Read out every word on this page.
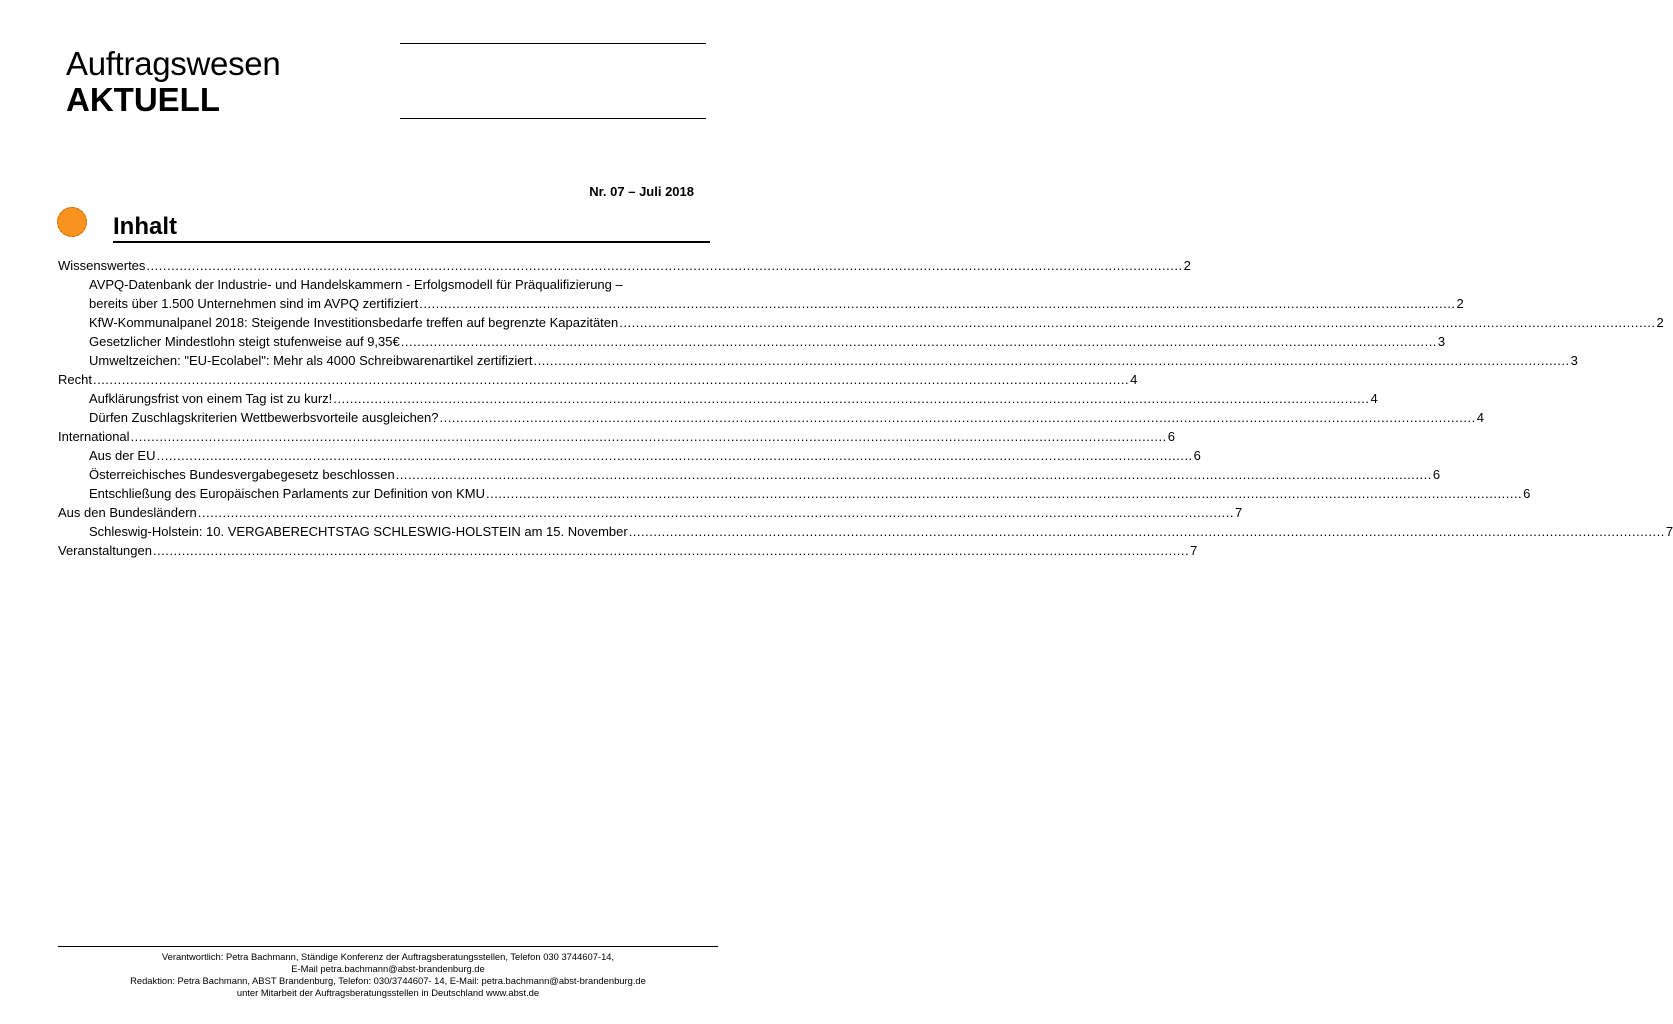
Auftragswesen
AKTUELL
Nr. 07 – Juli 2018
Inhalt
Wissenswertes .....	2
AVPQ-Datenbank der Industrie- und Handelskammern - Erfolgsmodell für Präqualifizierung –
bereits über 1.500 Unternehmen sind im AVPQ zertifiziert .....	2
KfW-Kommunalpanel 2018: Steigende Investitionsbedarfe treffen auf begrenzte Kapazitäten .....	2
Gesetzlicher Mindestlohn steigt stufenweise auf 9,35€ .....	3
Umweltzeichen: "EU-Ecolabel": Mehr als 4000 Schreibwarenartikel zertifiziert .....	3
Recht .....	4
Aufklärungsfrist von einem Tag ist zu kurz! .....	4
Dürfen Zuschlagskriterien Wettbewerbsvorteile ausgleichen? .....	4
International .....	6
Aus der EU .....	6
Österreichisches Bundesvergabegesetz beschlossen .....	6
Entschließung des Europäischen Parlaments zur Definition von KMU .....	6
Aus den Bundesländern .....	7
Schleswig-Holstein: 10. VERGABERECHTSTAG SCHLESWIG-HOLSTEIN am 15. November .....	7
Veranstaltungen .....	7
Verantwortlich: Petra Bachmann, Ständige Konferenz der Auftragsberatungsstellen, Telefon 030 3744607-14,
E-Mail petra.bachmann@abst-brandenburg.de
Redaktion: Petra Bachmann, ABST Brandenburg, Telefon: 030/3744607- 14, E-Mail: petra.bachmann@abst-brandenburg.de
unter Mitarbeit der Auftragsberatungsstellen in Deutschland www.abst.de
